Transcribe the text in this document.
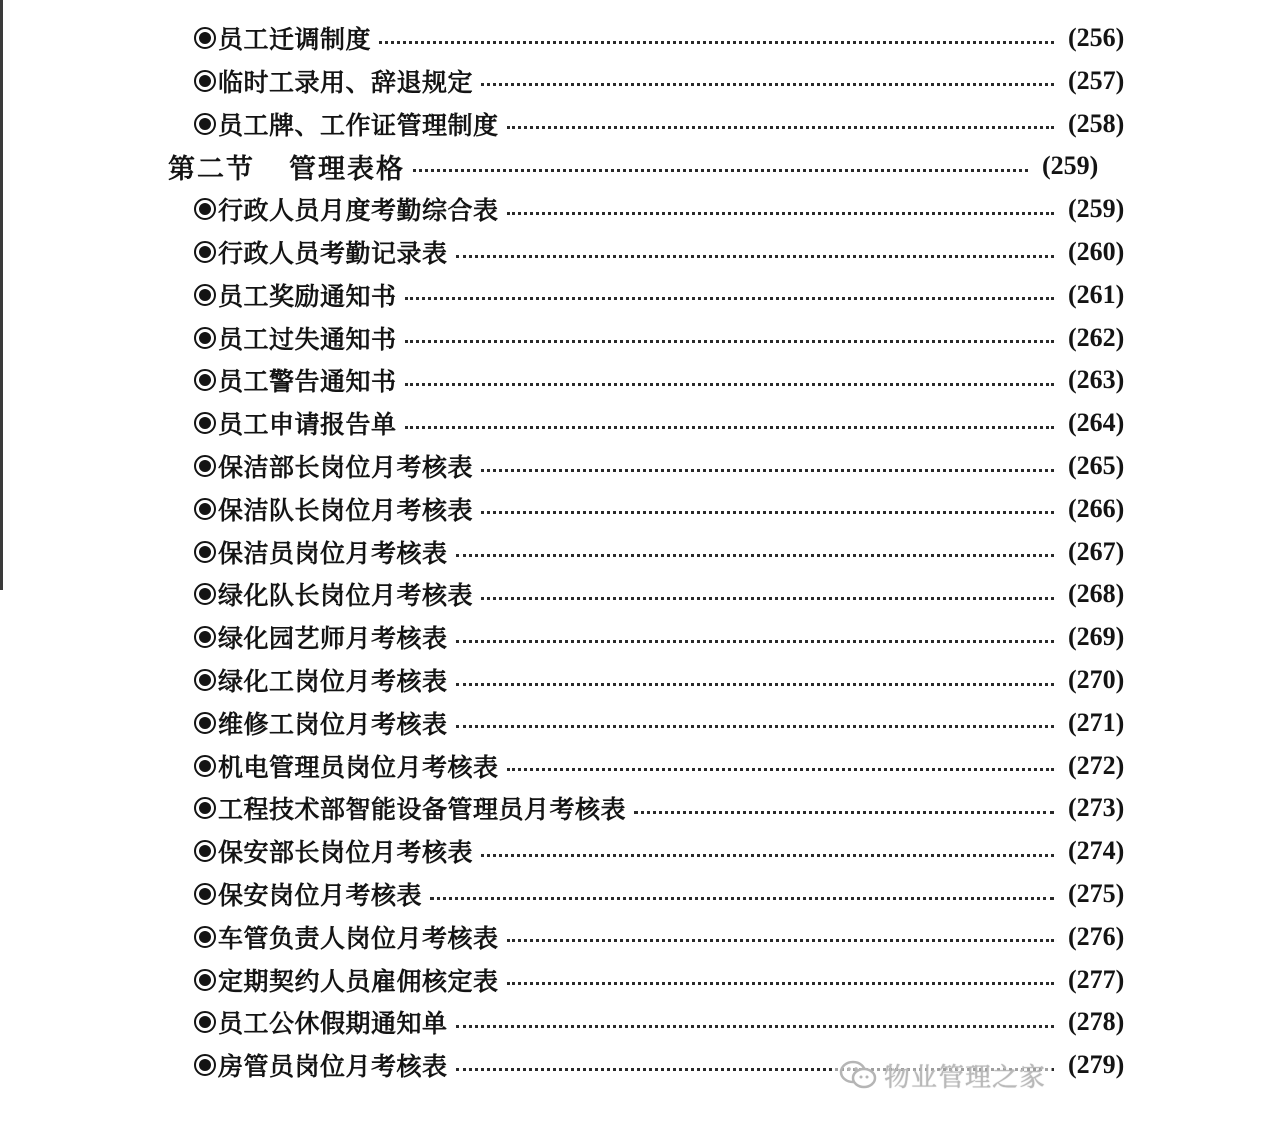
员工迁调制度	(256)
临时工录用、辞退规定	(257)
员工牌、工作证管理制度	(258)
第二节 管理表格	(259)
行政人员月度考勤综合表	(259)
行政人员考勤记录表	(260)
员工奖励通知书	(261)
员工过失通知书	(262)
员工警告通知书	(263)
员工申请报告单	(264)
保洁部长岗位月考核表	(265)
保洁队长岗位月考核表	(266)
保洁员岗位月考核表	(267)
绿化队长岗位月考核表	(268)
绿化园艺师月考核表	(269)
绿化工岗位月考核表	(270)
维修工岗位月考核表	(271)
机电管理员岗位月考核表	(272)
工程技术部智能设备管理员月考核表	(273)
保安部长岗位月考核表	(274)
保安岗位月考核表	(275)
车管负责人岗位月考核表	(276)
定期契约人员雇佣核定表	(277)
员工公休假期通知单	(278)
房管员岗位月考核表	(279)
物业管理之家
